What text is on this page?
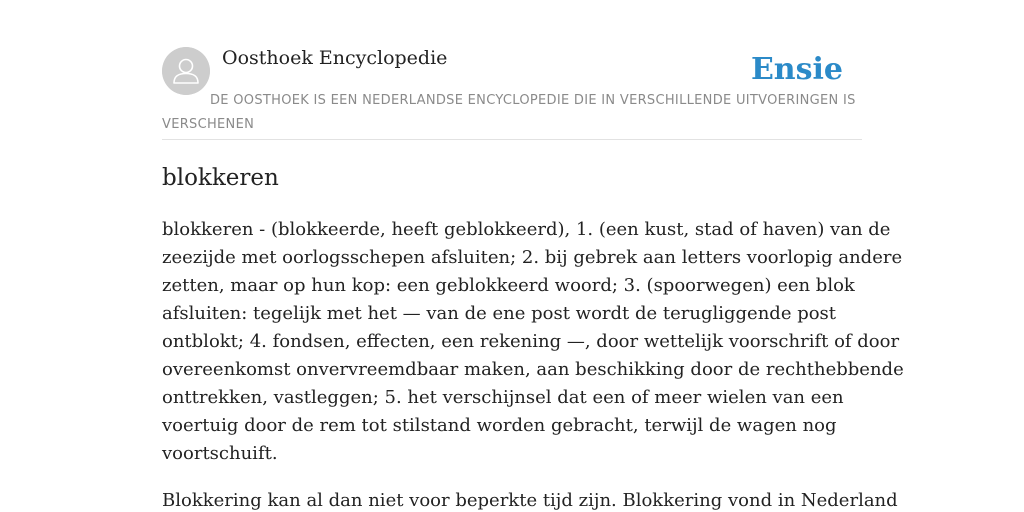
Oosthoek Encyclopedie	Ensie
DE OOSTHOEK IS EEN NEDERLANDSE ENCYCLOPEDIE DIE IN VERSCHILLENDE UITVOERINGEN IS VERSCHENEN
blokkeren

blokkeren - (blokkeerde, heeft geblokkeerd), 1. (een kust, stad of haven) van de
zeezijde met oorlogsschepen afsluiten; 2. bij gebrek aan letters voorlopig andere
zetten, maar op hun kop: een geblokkeerd woord; 3. (spoorwegen) een blok
afsluiten: tegelijk met het — van de ene post wordt de terugliggende post
ontblokt; 4. fondsen, effecten, een rekening —, door wettelijk voorschrift of door
overeenkomst onvervreemdbaar maken, aan beschikking door de rechthebbende
onttrekken, vastleggen; 5. het verschijnsel dat een of meer wielen van een
voertuig door de rem tot stilstand worden gebracht, terwijl de wagen nog
voortschuift.

Blokkering kan al dan niet voor beperkte tijd zijn. Blokkering vond in Nederland
